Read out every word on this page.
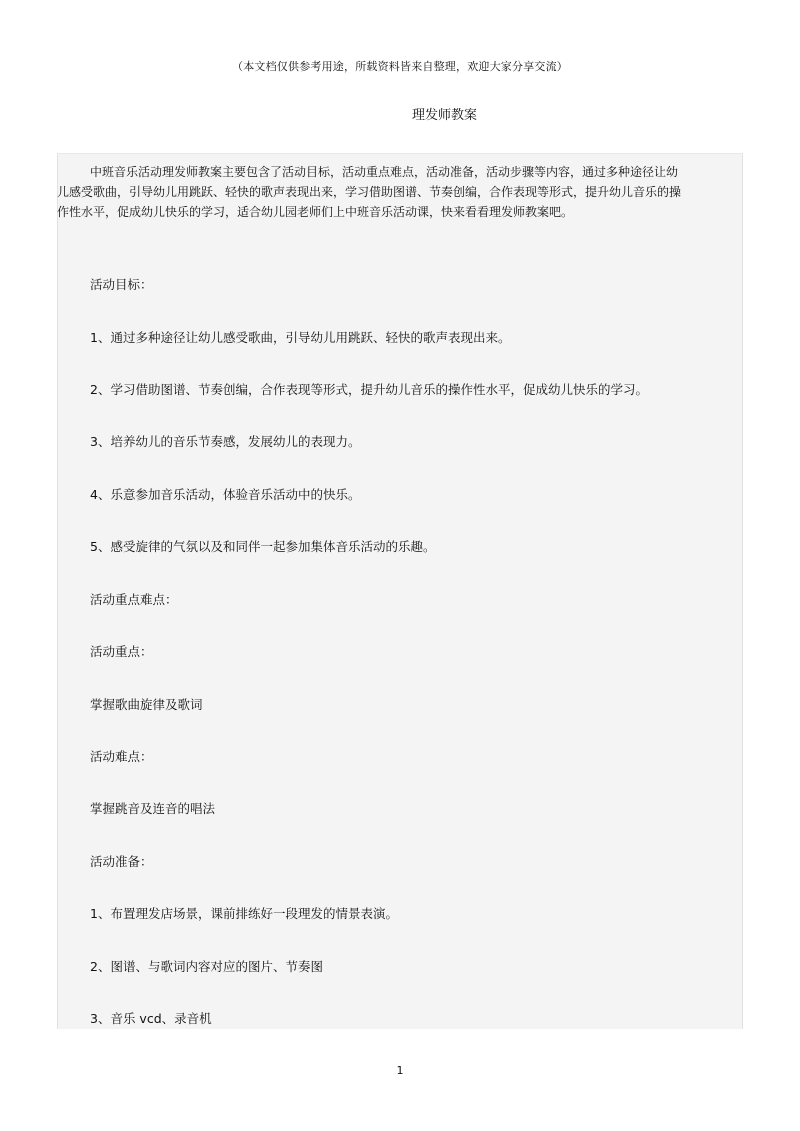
（本文档仅供参考用途，所载资料皆来自整理，欢迎大家分享交流）
理发师教案
中班音乐活动理发师教案主要包含了活动目标，活动重点难点，活动准备，活动步骤等内容，通过多种途径让幼儿感受歌曲，引导幼儿用跳跃、轻快的歌声表现出来，学习借助图谱、节奏创编，合作表现等形式，提升幼儿音乐的操作性水平，促成幼儿快乐的学习，适合幼儿园老师们上中班音乐活动课，快来看看理发师教案吧。
活动目标：
1、通过多种途径让幼儿感受歌曲，引导幼儿用跳跃、轻快的歌声表现出来。
2、学习借助图谱、节奏创编，合作表现等形式，提升幼儿音乐的操作性水平，促成幼儿快乐的学习。
3、培养幼儿的音乐节奏感，发展幼儿的表现力。
4、乐意参加音乐活动，体验音乐活动中的快乐。
5、感受旋律的气氛以及和同伴一起参加集体音乐活动的乐趣。
活动重点难点：
活动重点：
掌握歌曲旋律及歌词
活动难点：
掌握跳音及连音的唱法
活动准备：
1、布置理发店场景，课前排练好一段理发的情景表演。
2、图谱、与歌词内容对应的图片、节奏图
3、音乐 vcd、录音机
1
